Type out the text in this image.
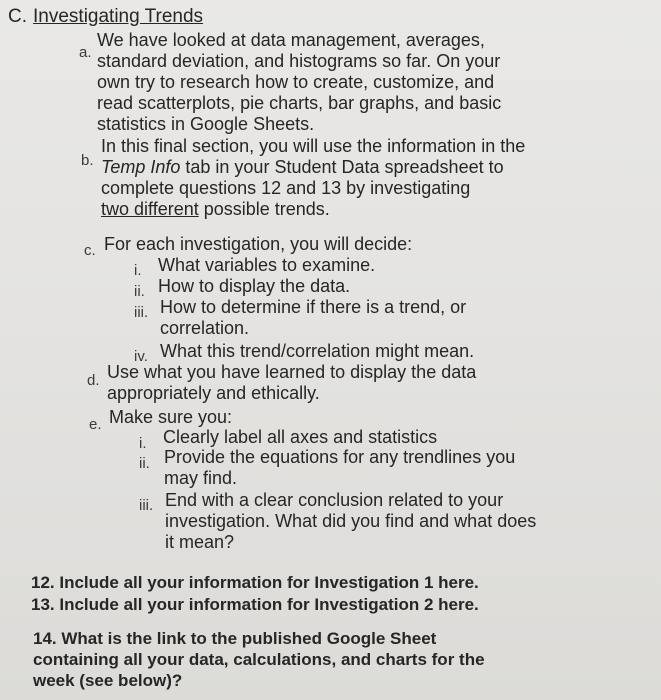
C. Investigating Trends
a.
We have looked at data management, averages,
standard deviation, and histograms so far. On your
own try to research how to create, customize, and
read scatterplots, pie charts, bar graphs, and basic
statistics in Google Sheets.
b.
In this final section, you will use the information in the
Temp Info tab in your Student Data spreadsheet to
complete questions 12 and 13 by investigating
two different possible trends.
c. For each investigation, you will decide:
i. What variables to examine.
ii. How to display the data.
iii. How to determine if there is a trend, or
correlation.
iv. What this trend/correlation might mean.
d. Use what you have learned to display the data
appropriately and ethically.
e. Make sure you:
i. Clearly label all axes and statistics
ii. Provide the equations for any trendlines you
may find.
iii. End with a clear conclusion related to your
investigation. What did you find and what does
it mean?
12. Include all your information for Investigation 1 here.
13. Include all your information for Investigation 2 here.
14. What is the link to the published Google Sheet
containing all your data, calculations, and charts for the
week (see below)?
